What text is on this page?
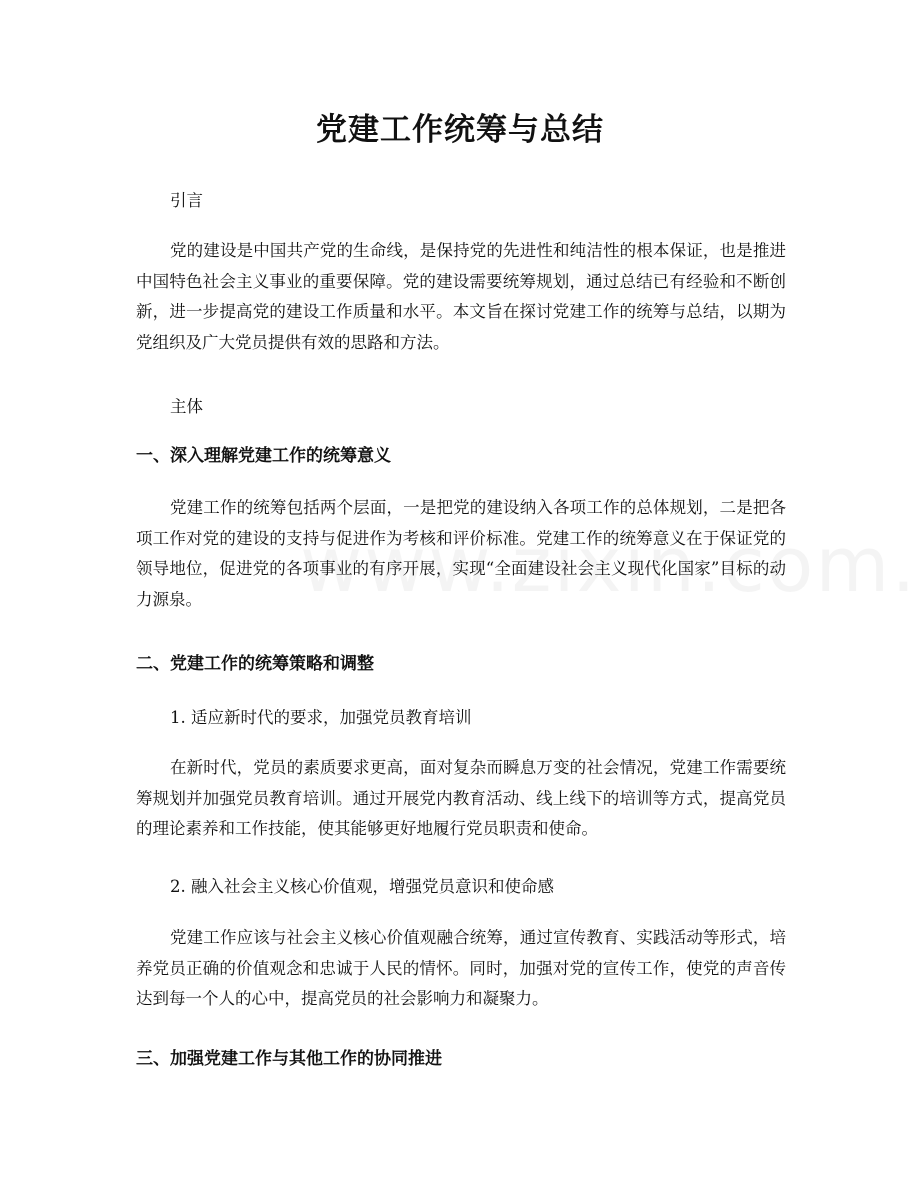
党建工作统筹与总结

引言

党的建设是中国共产党的生命线，是保持党的先进性和纯洁性的根本保证，也是推进中国特色社会主义事业的重要保障。党的建设需要统筹规划，通过总结已有经验和不断创新，进一步提高党的建设工作质量和水平。本文旨在探讨党建工作的统筹与总结，以期为党组织及广大党员提供有效的思路和方法。

主体

一、深入理解党建工作的统筹意义

党建工作的统筹包括两个层面，一是把党的建设纳入各项工作的总体规划，二是把各项工作对党的建设的支持与促进作为考核和评价标准。党建工作的统筹意义在于保证党的领导地位，促进党的各项事业的有序开展，实现“全面建设社会主义现代化国家”目标的动力源泉。

二、党建工作的统筹策略和调整

1. 适应新时代的要求，加强党员教育培训

在新时代，党员的素质要求更高，面对复杂而瞬息万变的社会情况，党建工作需要统筹规划并加强党员教育培训。通过开展党内教育活动、线上线下的培训等方式，提高党员的理论素养和工作技能，使其能够更好地履行党员职责和使命。

2. 融入社会主义核心价值观，增强党员意识和使命感

党建工作应该与社会主义核心价值观融合统筹，通过宣传教育、实践活动等形式，培养党员正确的价值观念和忠诚于人民的情怀。同时，加强对党的宣传工作，使党的声音传达到每一个人的心中，提高党员的社会影响力和凝聚力。

三、加强党建工作与其他工作的协同推进
